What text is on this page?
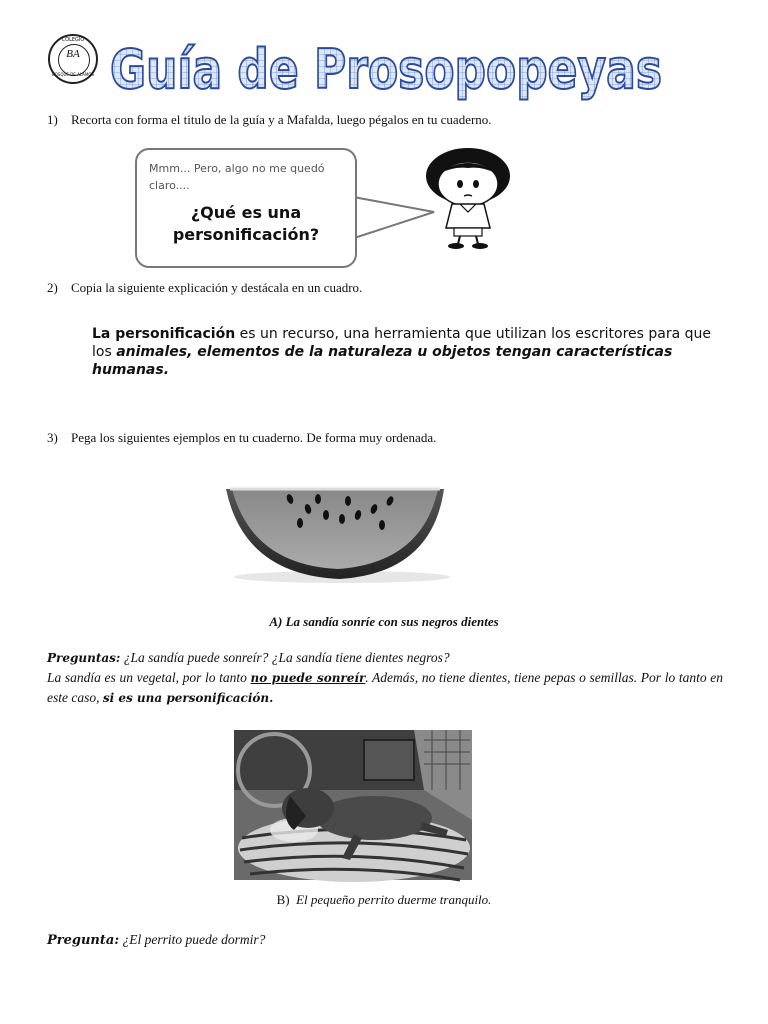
COLEGIO
BA
BOSQUE DE ALAMOS Guía de Prosopopeyas
1) Recorta con forma el titulo de la guía y a Mafalda, luego pégalos en tu cuaderno.
Mmm... Pero, algo no me quedó
claro....
¿Qué es una
personificación?
2) Copia la siguiente explicación y destácala en un cuadro.
La personificación es un recurso, una herramienta que utilizan los escritores para que los animales, elementos de la naturaleza u objetos tengan características humanas.
3) Pega los siguientes ejemplos en tu cuaderno. De forma muy ordenada.
A) La sandía sonríe con sus negros dientes
Preguntas: ¿La sandía puede sonreír? ¿La sandía tiene dientes negros?
La sandía es un vegetal, por lo tanto no puede sonreír. Además, no tiene dientes, tiene pepas o semillas. Por lo tanto en este caso, si es una personificación.
B) El pequeño perrito duerme tranquilo.
Pregunta: ¿El perrito puede dormir?
